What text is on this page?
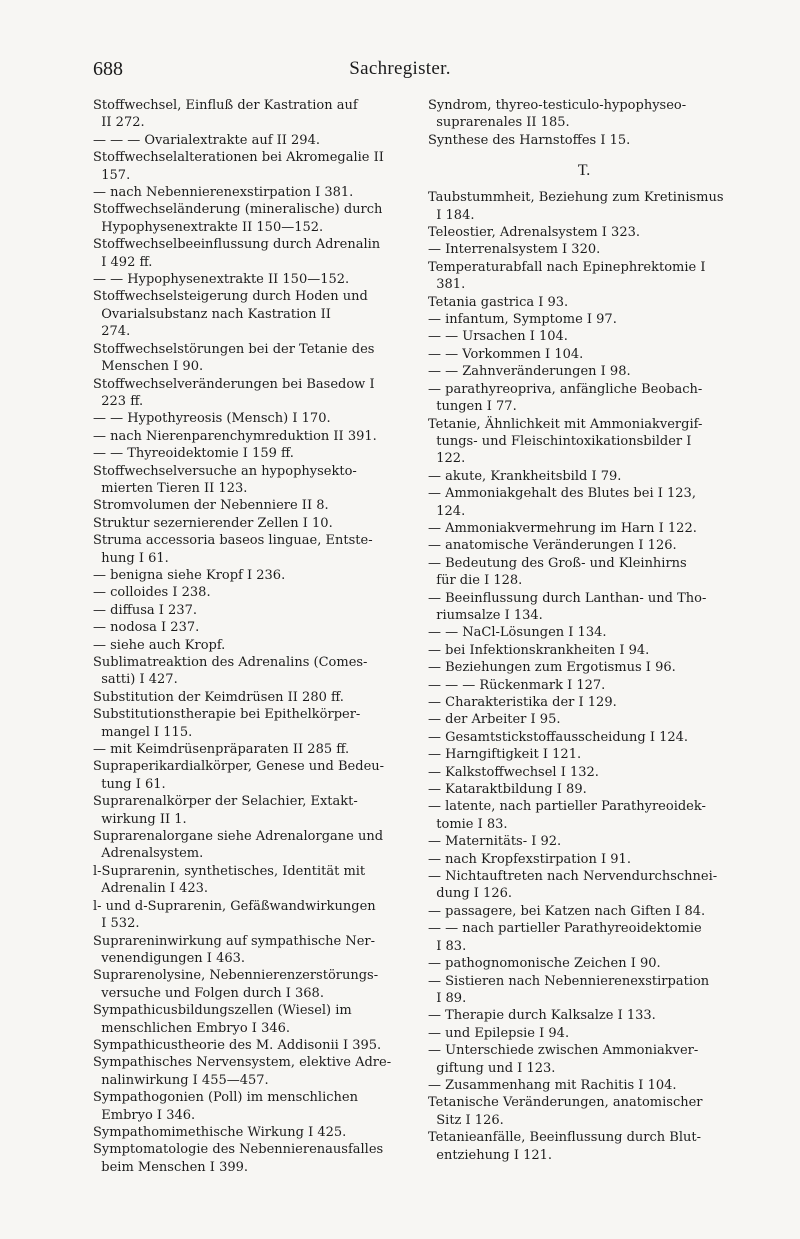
688	Sachregister.
Stoffwechsel, Einfluß der Kastration auf
II 272.
— — — Ovarialextrakte auf II 294.
Stoffwechselalterationen bei Akromegalie II
157.
— nach Nebennierenexstirpation I 381.
Stoffwechseländerung (mineralische) durch
Hypophysenextrakte II 150—152.
Stoffwechselbeeinflussung durch Adrenalin
I 492 ff.
— — Hypophysenextrakte II 150—152.
Stoffwechselsteigerung durch Hoden und
Ovarialsubstanz nach Kastration II
274.
Stoffwechselstörungen bei der Tetanie des
Menschen I 90.
Stoffwechselveränderungen bei Basedow I
223 ff.
— — Hypothyreosis (Mensch) I 170.
— nach Nierenparenchymreduktion II 391.
— — Thyreoidektomie I 159 ff.
Stoffwechselversuche an hypophysekto-
mierten Tieren II 123.
Stromvolumen der Nebenniere II 8.
Struktur sezernierender Zellen I 10.
Struma accessoria baseos linguae, Entste-
hung I 61.
— benigna siehe Kropf I 236.
— colloides I 238.
— diffusa I 237.
— nodosa I 237.
— siehe auch Kropf.
Sublimatreaktion des Adrenalins (Comes-
satti) I 427.
Substitution der Keimdrüsen II 280 ff.
Substitutionstherapie bei Epithelkörper-
mangel I 115.
— mit Keimdrüsenpräparaten II 285 ff.
Supraperikardialkörper, Genese und Bedeu-
tung I 61.
Suprarenalkörper der Selachier, Extakt-
wirkung II 1.
Suprarenalorgane siehe Adrenalorgane und
Adrenalsystem.
l-Suprarenin, synthetisches, Identität mit
Adrenalin I 423.
l- und d-Suprarenin, Gefäßwandwirkungen
I 532.
Suprareninwirkung auf sympathische Ner-
venendigungen I 463.
Suprarenolysine, Nebennierenzerstörungs-
versuche und Folgen durch I 368.
Sympathicusbildungszellen (Wiesel) im
menschlichen Embryo I 346.
Sympathicustheorie des M. Addisonii I 395.
Sympathisches Nervensystem, elektive Adre-
nalinwirkung I 455—457.
Sympathogonien (Poll) im menschlichen
Embryo I 346.
Sympathomimethische Wirkung I 425.
Symptomatologie des Nebennierenausfalles
beim Menschen I 399.
Syndrom, thyreo-testiculo-hypophyseo-
suprarenales II 185.
Synthese des Harnstoffes I 15.
T.
Taubstummheit, Beziehung zum Kretinismus
I 184.
Teleostier, Adrenalsystem I 323.
— Interrenalsystem I 320.
Temperaturabfall nach Epinephrektomie I
381.
Tetania gastrica I 93.
— infantum, Symptome I 97.
— — Ursachen I 104.
— — Vorkommen I 104.
— — Zahnveränderungen I 98.
— parathyreopriva, anfängliche Beobach-
tungen I 77.
Tetanie, Ähnlichkeit mit Ammoniakvergif-
tungs- und Fleischintoxikationsbilder I
122.
— akute, Krankheitsbild I 79.
— Ammoniakgehalt des Blutes bei I 123,
124.
— Ammoniakvermehrung im Harn I 122.
— anatomische Veränderungen I 126.
— Bedeutung des Groß- und Kleinhirns
für die I 128.
— Beeinflussung durch Lanthan- und Tho-
riumsalze I 134.
— — NaCl-Lösungen I 134.
— bei Infektionskrankheiten I 94.
— Beziehungen zum Ergotismus I 96.
— — — Rückenmark I 127.
— Charakteristika der I 129.
— der Arbeiter I 95.
— Gesamtstickstoffausscheidung I 124.
— Harngiftigkeit I 121.
— Kalkstoffwechsel I 132.
— Kataraktbildung I 89.
— latente, nach partieller Parathyreoidek-
tomie I 83.
— Maternitäts- I 92.
— nach Kropfexstirpation I 91.
— Nichtauftreten nach Nervendurchschnei-
dung I 126.
— passagere, bei Katzen nach Giften I 84.
— — nach partieller Parathyreoidektomie
I 83.
— pathognomonische Zeichen I 90.
— Sistieren nach Nebennierenexstirpation
I 89.
— Therapie durch Kalksalze I 133.
— und Epilepsie I 94.
— Unterschiede zwischen Ammoniakver-
giftung und I 123.
— Zusammenhang mit Rachitis I 104.
Tetanische Veränderungen, anatomischer
Sitz I 126.
Tetanieanfälle, Beeinflussung durch Blut-
entziehung I 121.
